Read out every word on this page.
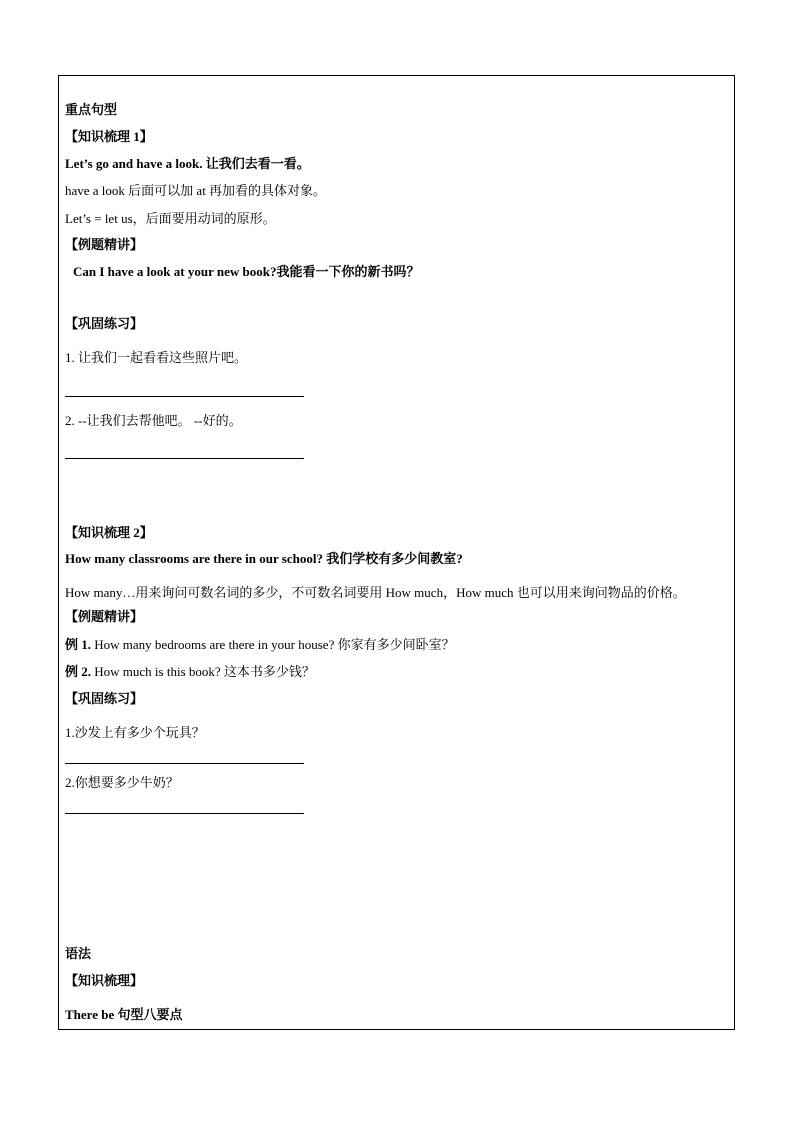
重点句型
【知识梳理 1】
Let’s go and have a look. 让我们去看一看。
have a look 后面可以加 at 再加看的具体对象。
Let’s = let us，后面要用动词的原形。
【例题精讲】
Can I have a look at your new book?我能看一下你的新书吗？
【巩固练习】
1. 让我们一起看看这些照片吧。
.
2. --让我们去帮他吧。 --好的。
.
【知识梳理 2】
How many classrooms are there in our school? 我们学校有多少间教室?
How many…用来询问可数名词的多少，不可数名词要用 How much，How much 也可以用来询问物品的价格。
【例题精讲】
例 1. How many bedrooms are there in your house? 你家有多少间卧室？
例 2. How much is this book? 这本书多少钱？
【巩固练习】
1.沙发上有多少个玩具？
.
2.你想要多少牛奶？
.
语法
【知识梳理】
There be 句型八要点
